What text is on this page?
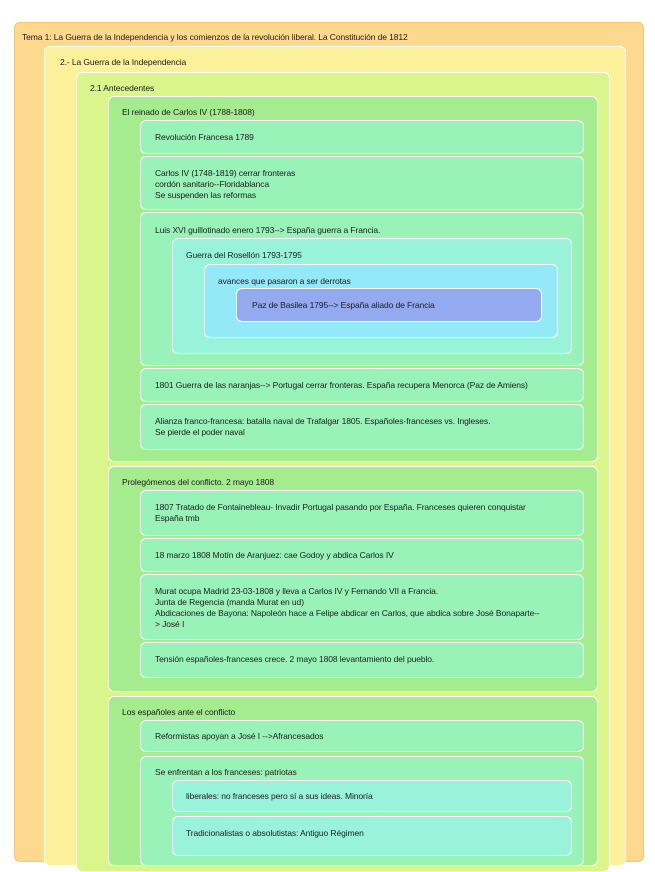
Tema 1: La Guerra de la Independencia y los comienzos de la revolución liberal. La Constitución de 1812
2.- La Guerra de la Independencia
2.1 Antecedentes
El reinado de Carlos IV (1788-1808)
Revolución Francesa 1789
Carlos IV (1748-1819) cerrar fronteras
cordón sanitario--Floridablanca
Se suspenden las reformas
Luis XVI guillotinado enero 1793--> España guerra a Francia.
Guerra del Rosellón 1793-1795
avances que pasaron a ser derrotas
Paz de Basilea 1795--> España aliado de Francia
1801 Guerra de las naranjas--> Portugal cerrar fronteras. España recupera Menorca (Paz de Amiens)
Alianza franco-francesa: batalla naval de Trafalgar 1805. Españoles-franceses vs. Ingleses.
Se pierde el poder naval
Prolegómenos del conflicto. 2 mayo 1808
1807 Tratado de Fontainebleau- Invadir Portugal pasando por España. Franceses quieren conquistar
España tmb
18 marzo 1808 Motín de Aranjuez: cae Godoy y abdica Carlos IV
Murat ocupa Madrid 23-03-1808 y lleva a Carlos IV y Fernando VII a Francia.
Junta de Regencia (manda Murat en ud)
Abdicaciones de Bayona: Napoleón hace a Felipe abdicar en Carlos, que abdica sobre José Bonaparte--
> José I
Tensión españoles-franceses crece. 2 mayo 1808 levantamiento del pueblo.
Los españoles ante el conflicto
Reformistas apoyan a José I -->Afrancesados
Se enfrentan a los franceses: patriotas
liberales: no franceses pero sí a sus ideas. Minoría
Tradicionalistas o absolutistas: Antiguo Régimen
